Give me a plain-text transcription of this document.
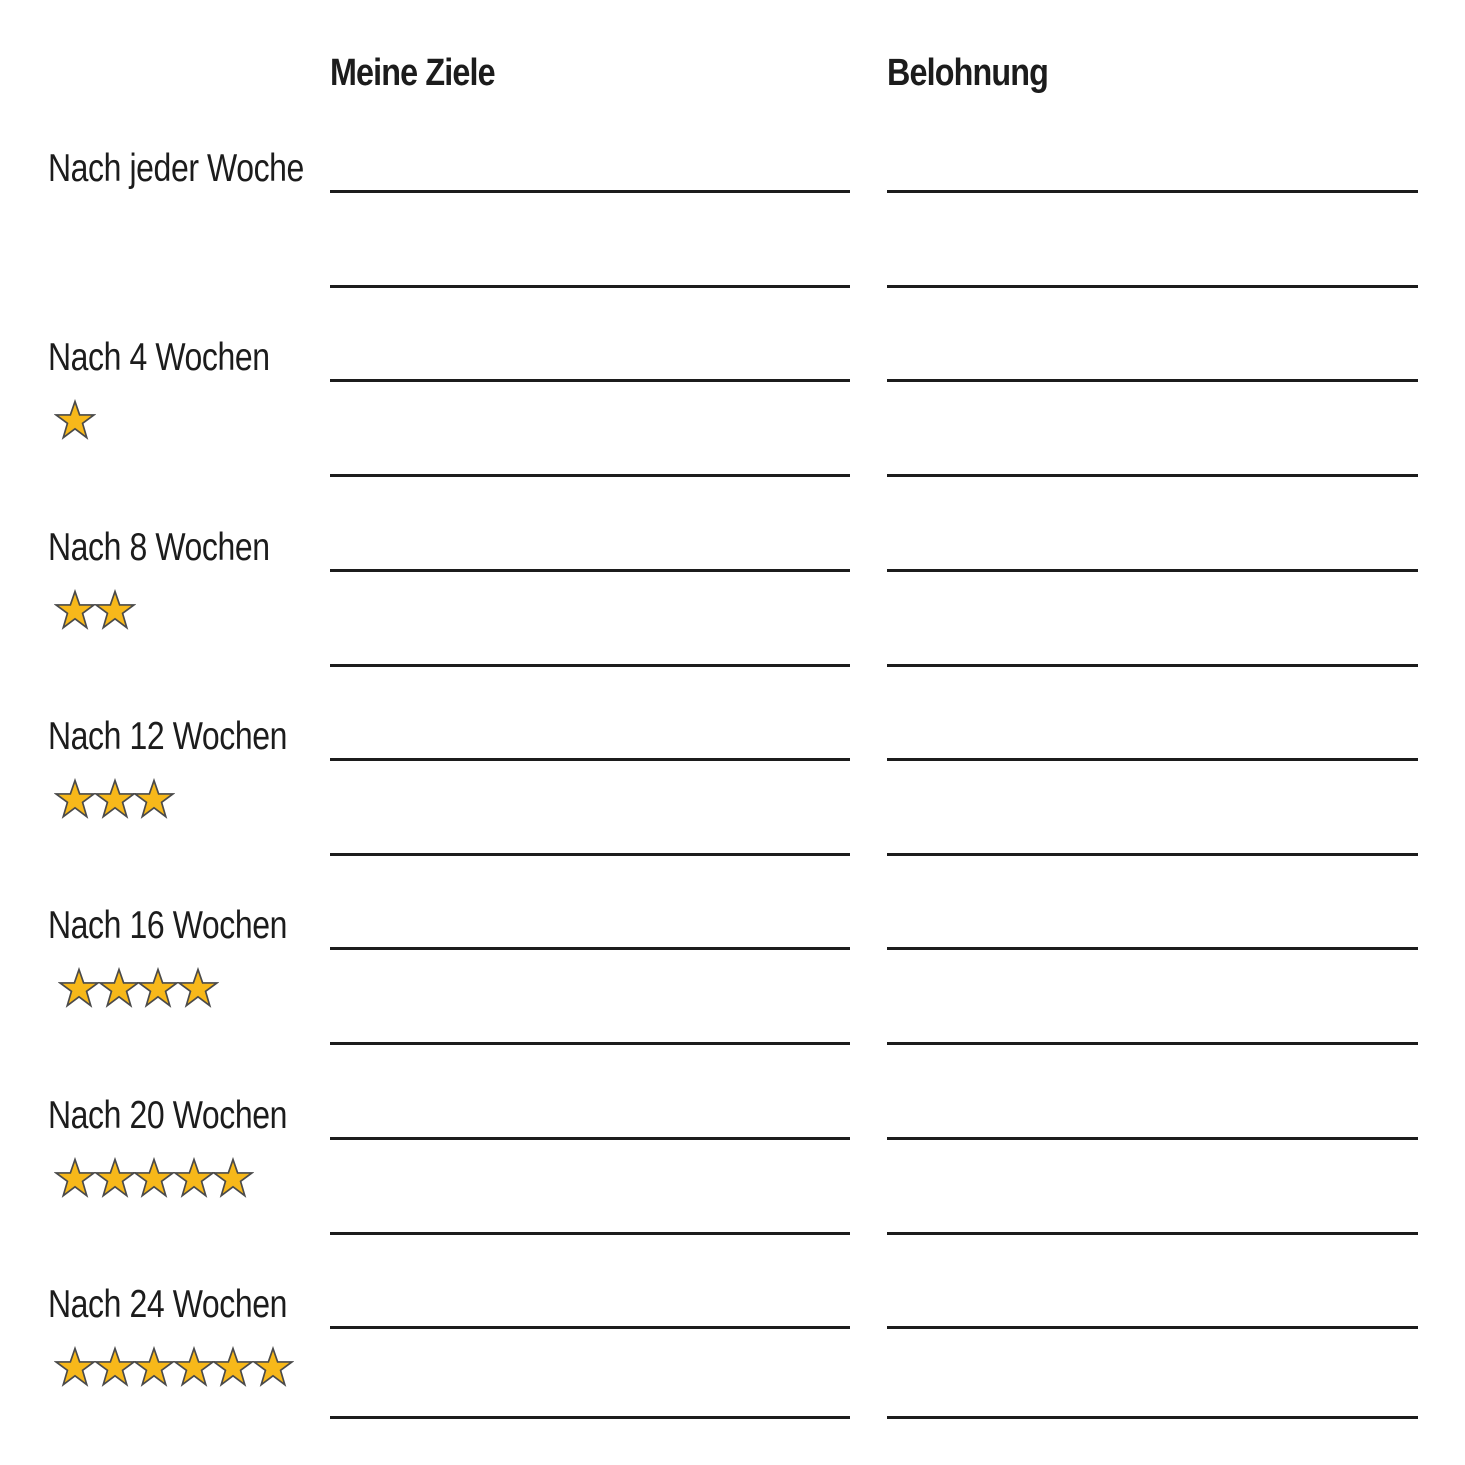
Meine Ziele	Belohnung
Nach jeder Woche
Nach 4 Wochen
Nach 8 Wochen
Nach 12 Wochen
Nach 16 Wochen
Nach 20 Wochen
Nach 24 Wochen
